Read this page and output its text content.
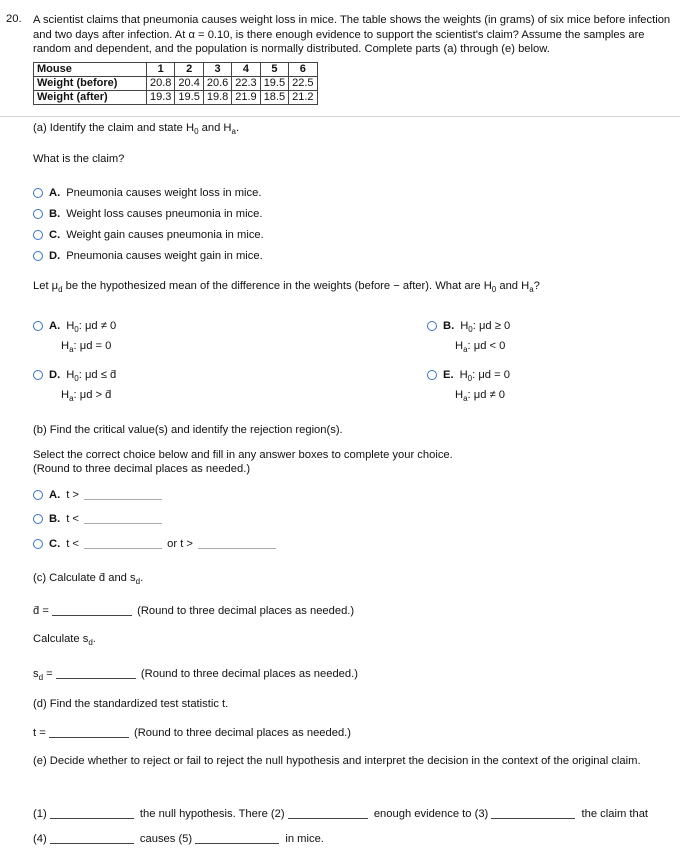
20. A scientist claims that pneumonia causes weight loss in mice. The table shows the weights (in grams) of six mice before infection and two days after infection. At α = 0.10, is there enough evidence to support the scientist's claim? Assume the samples are random and dependent, and the population is normally distributed. Complete parts (a) through (e) below.
Mouse	1	2	3	4	5	6
Weight (before)	20.8	20.4	20.6	22.3	19.5	22.5
Weight (after)	19.3	19.5	19.8	21.9	18.5	21.2
(a) Identify the claim and state $H_0$ and $H_a$.
What is the claim?
A. Pneumonia causes weight loss in mice.
B. Weight loss causes pneumonia in mice.
C. Weight gain causes pneumonia in mice.
D. Pneumonia causes weight gain in mice.
Let $\mu_d$ be the hypothesized mean of the difference in the weights (before − after). What are $H_0$ and $H_a$?
A. $H_0$: μd ≠ 0
$H_a$: μd = 0
B. $H_0$: μd ≥ 0
$H_a$: μd < 0
D. $H_0$: μd ≤ d̄
$H_a$: μd > d̄
E. $H_0$: μd = 0
$H_a$: μd ≠ 0
(b) Find the critical value(s) and identify the rejection region(s).
Select the correct choice below and fill in any answer boxes to complete your choice.
(Round to three decimal places as needed.)
A. t >
B. t <
C. t <	or t >
(c) Calculate d̄ and $s_d$.
d̄ =	(Round to three decimal places as needed.)
Calculate $s_d$.
$s_d$ =	(Round to three decimal places as needed.)
(d) Find the standardized test statistic t.
t =	(Round to three decimal places as needed.)
(e) Decide whether to reject or fail to reject the null hypothesis and interpret the decision in the context of the original claim.
(1)	the null hypothesis. There (2)	enough evidence to (3)	the claim that
(4)	causes (5)	in mice.
